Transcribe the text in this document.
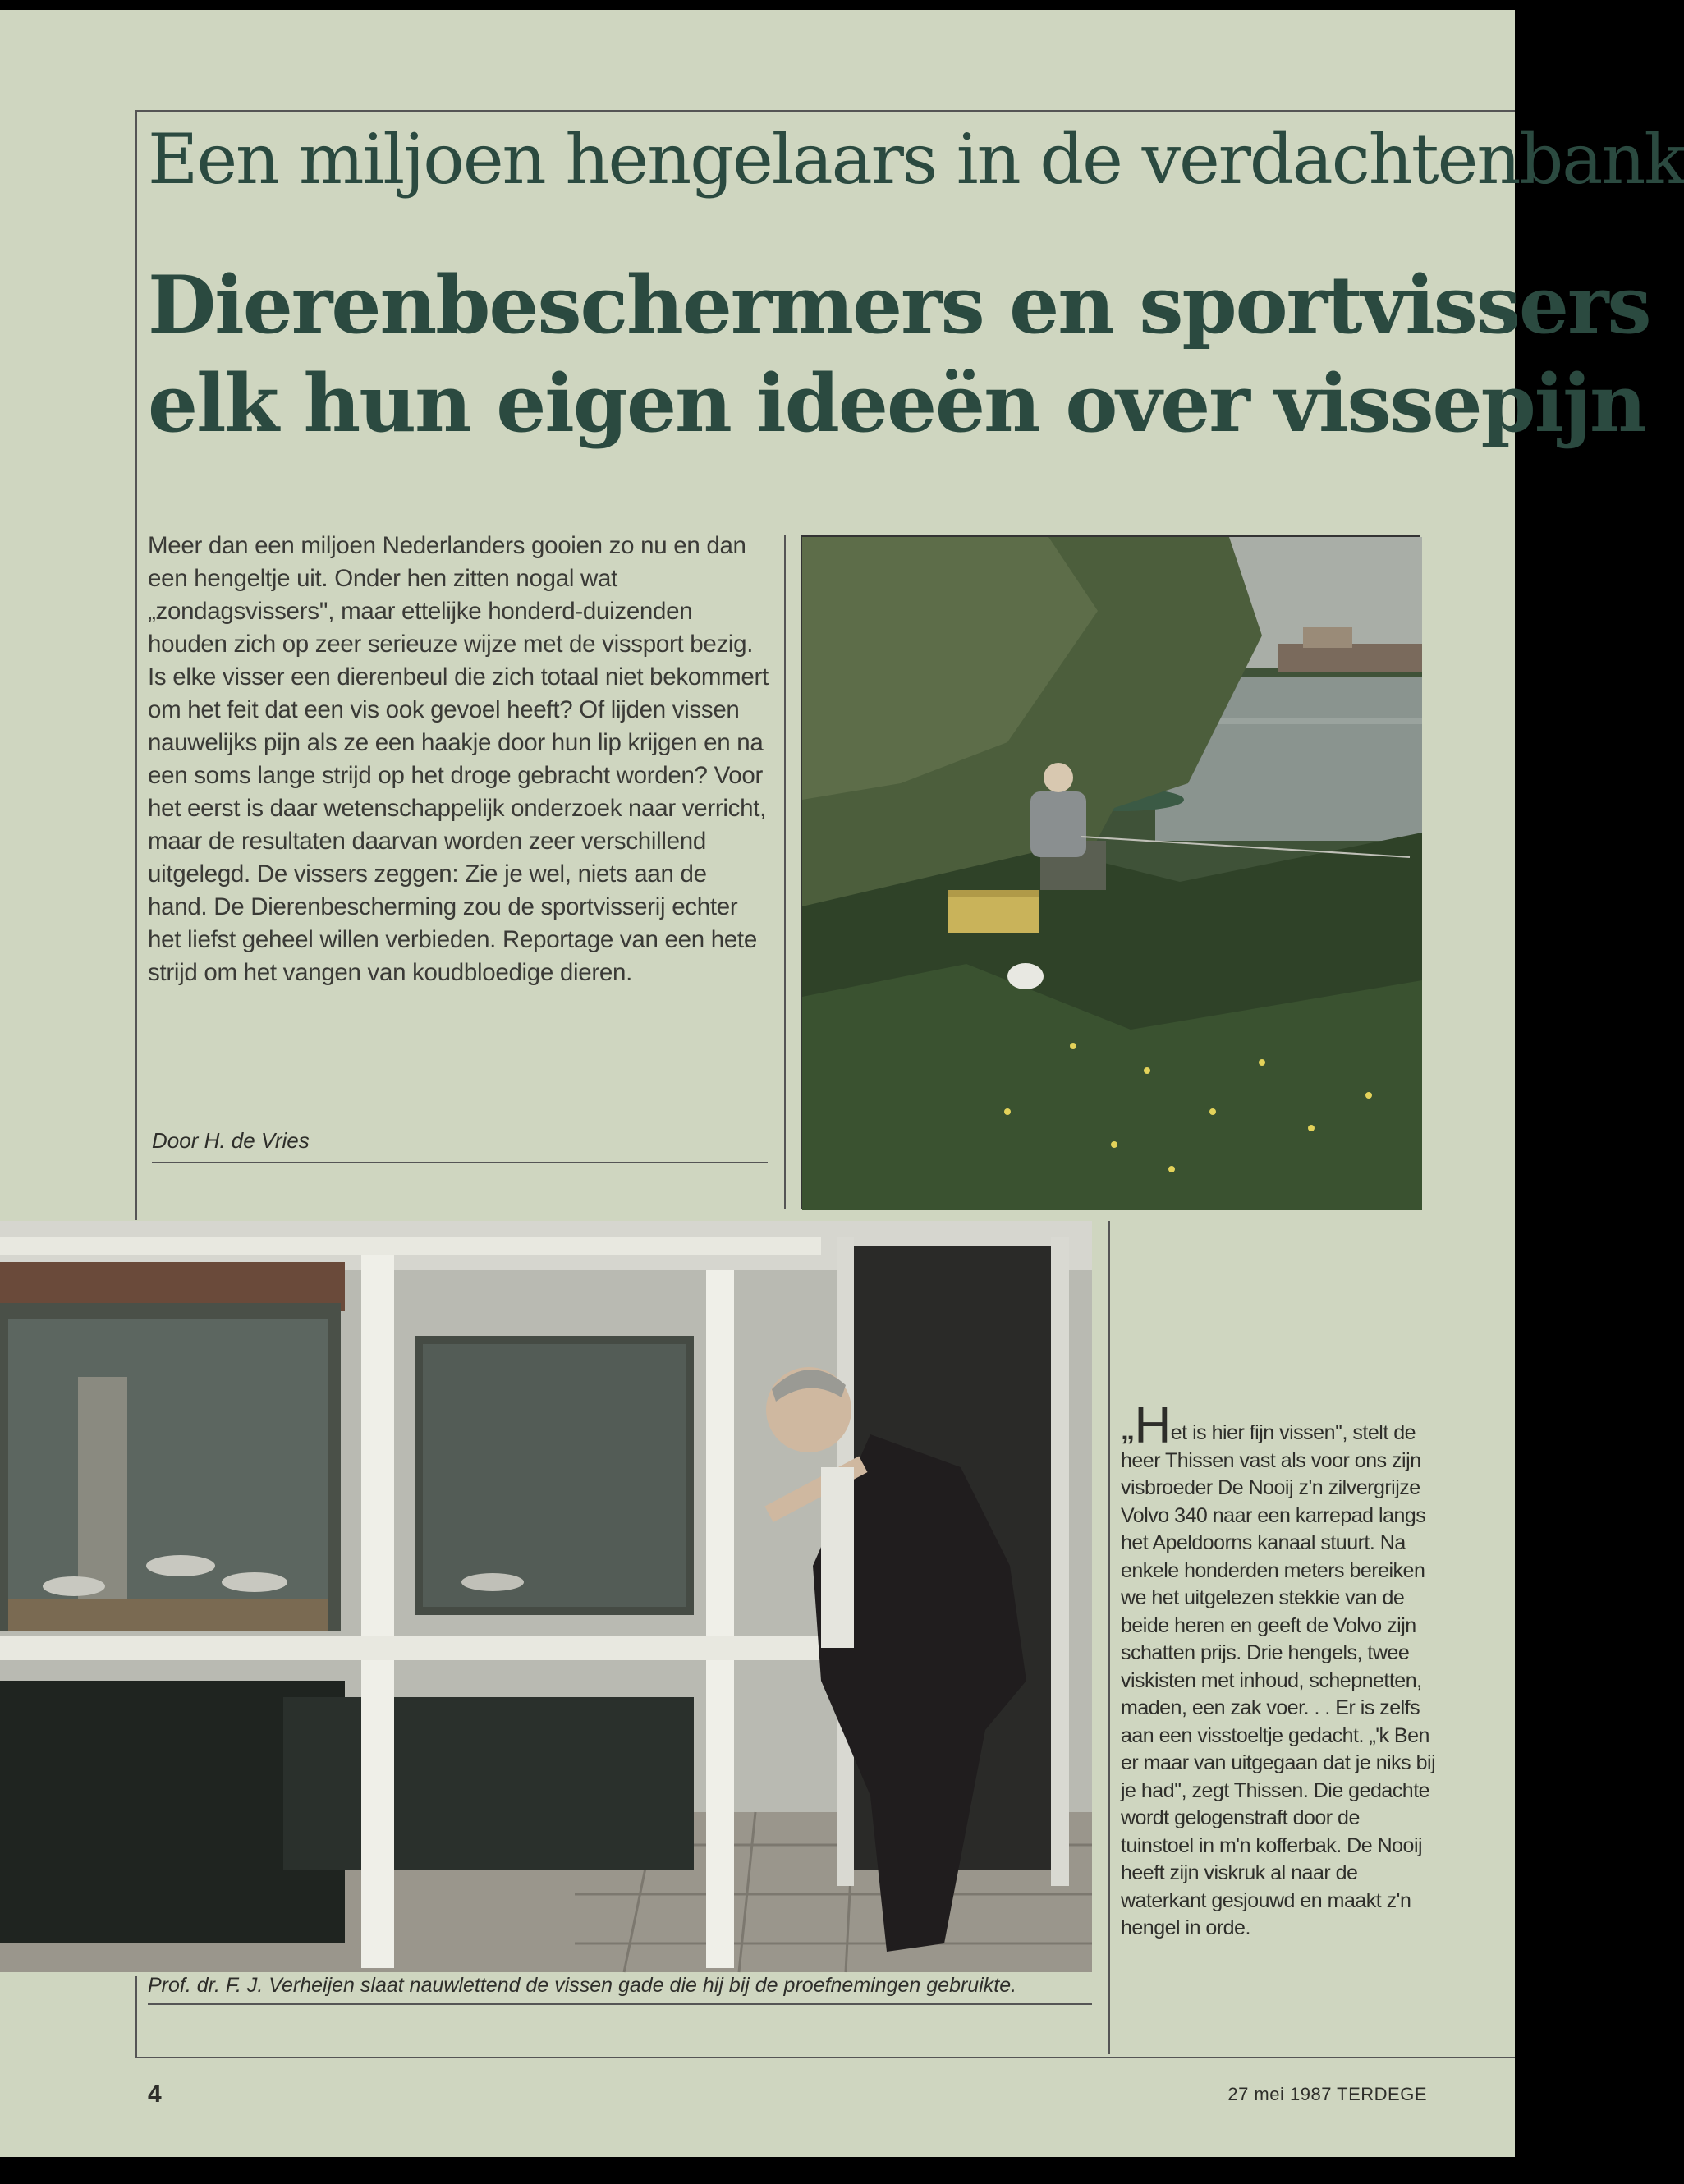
Een miljoen hengelaars in de verdachtenbank
Dierenbeschermers en sportvissers
elk hun eigen ideeën over vissepijn
Meer dan een miljoen Nederlanders gooien zo nu en dan een hengeltje uit. Onder hen zitten nogal wat „zondagsvissers'', maar ettelijke honderd-duizenden houden zich op zeer serieuze wijze met de vissport bezig. Is elke visser een dierenbeul die zich totaal niet bekommert om het feit dat een vis ook gevoel heeft? Of lijden vissen nauwelijks pijn als ze een haakje door hun lip krijgen en na een soms lange strijd op het droge gebracht worden? Voor het eerst is daar wetenschappelijk onderzoek naar verricht, maar de resultaten daarvan worden zeer verschillend uitgelegd. De vissers zeggen: Zie je wel, niets aan de hand. De Dierenbescherming zou de sportvisserij echter het liefst geheel willen verbieden. Reportage van een hete strijd om het vangen van koudbloedige dieren.
Door H. de Vries
Prof. dr. F. J. Verheijen slaat nauwlettend de vissen gade die hij bij de proefnemingen gebruikte.
„Het is hier fijn vissen'', stelt de heer Thissen vast als voor ons zijn visbroeder De Nooij z'n zilvergrijze Volvo 340 naar een karrepad langs het Apeldoorns kanaal stuurt. Na enkele honderden meters bereiken we het uitgelezen stekkie van de beide heren en geeft de Volvo zijn schatten prijs. Drie hengels, twee viskisten met inhoud, schepnetten, maden, een zak voer. . . Er is zelfs aan een visstoeltje gedacht. „'k Ben er maar van uitgegaan dat je niks bij je had'', zegt Thissen. Die gedachte wordt gelogenstraft door de tuinstoel in m'n kofferbak. De Nooij heeft zijn viskruk al naar de waterkant gesjouwd en maakt z'n hengel in orde.
4	27 mei 1987 TERDEGE
